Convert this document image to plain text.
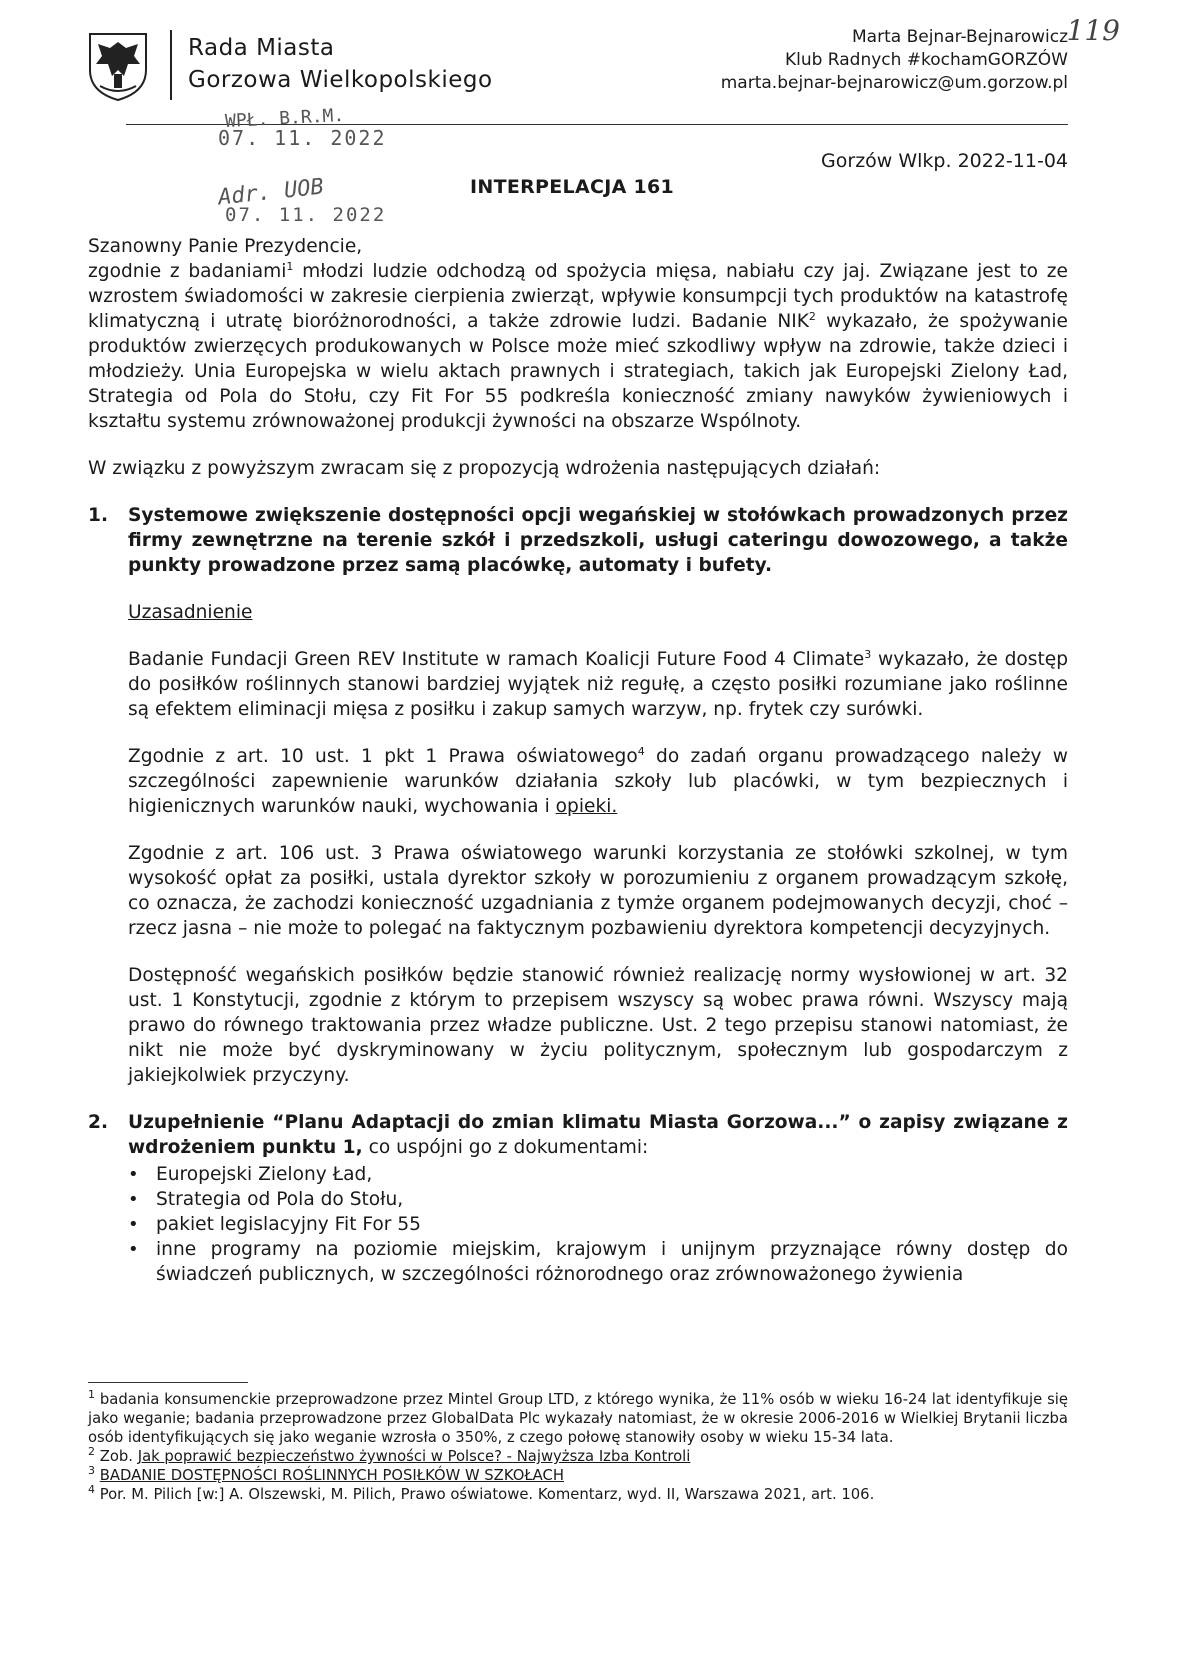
Rada Miasta
Gorzowa Wielkopolskiego
Marta Bejnar-Bejnarowicz
Klub Radnych #kochamGORZÓW
marta.bejnar-bejnarowicz@um.gorzow.pl
119
WPŁ. B.R.M.
07. 11. 2022
Adr. UOB
07. 11. 2022
Gorzów Wlkp. 2022-11-04
INTERPELACJA 161

Szanowny Panie Prezydencie,

zgodnie z badaniami$^1$ młodzi ludzie odchodzą od spożycia mięsa, nabiału czy jaj. Związane jest to ze wzrostem świadomości w zakresie cierpienia zwierząt, wpływie konsumpcji tych produktów na katastrofę klimatyczną i utratę bioróżnorodności, a także zdrowie ludzi. Badanie NIK$^2$ wykazało, że spożywanie produktów zwierzęcych produkowanych w Polsce może mieć szkodliwy wpływ na zdrowie, także dzieci i młodzieży. Unia Europejska w wielu aktach prawnych i strategiach, takich jak Europejski Zielony Ład, Strategia od Pola do Stołu, czy Fit For 55 podkreśla konieczność zmiany nawyków żywieniowych i kształtu systemu zrównoważonej produkcji żywności na obszarze Wspólnoty.

W związku z powyższym zwracam się z propozycją wdrożenia następujących działań:

1.	Systemowe zwiększenie dostępności opcji wegańskiej w stołówkach prowadzonych przez firmy zewnętrzne na terenie szkół i przedszkoli, usługi cateringu dowozowego, a także punkty prowadzone przez samą placówkę, automaty i bufety.

Uzasadnienie

Badanie Fundacji Green REV Institute w ramach Koalicji Future Food 4 Climate$^3$ wykazało, że dostęp do posiłków roślinnych stanowi bardziej wyjątek niż regułę, a często posiłki rozumiane jako roślinne są efektem eliminacji mięsa z posiłku i zakup samych warzyw, np. frytek czy surówki.

Zgodnie z art. 10 ust. 1 pkt 1 Prawa oświatowego$^4$ do zadań organu prowadzącego należy w szczególności zapewnienie warunków działania szkoły lub placówki, w tym bezpiecznych i higienicznych warunków nauki, wychowania i opieki.

Zgodnie z art. 106 ust. 3 Prawa oświatowego warunki korzystania ze stołówki szkolnej, w tym wysokość opłat za posiłki, ustala dyrektor szkoły w porozumieniu z organem prowadzącym szkołę, co oznacza, że zachodzi konieczność uzgadniania z tymże organem podejmowanych decyzji, choć – rzecz jasna – nie może to polegać na faktycznym pozbawieniu dyrektora kompetencji decyzyjnych.

Dostępność wegańskich posiłków będzie stanowić również realizację normy wysłowionej w art. 32 ust. 1 Konstytucji, zgodnie z którym to przepisem wszyscy są wobec prawa równi. Wszyscy mają prawo do równego traktowania przez władze publiczne. Ust. 2 tego przepisu stanowi natomiast, że nikt nie może być dyskryminowany w życiu politycznym, społecznym lub gospodarczym z jakiejkolwiek przyczyny.

2.	Uzupełnienie “Planu Adaptacji do zmian klimatu Miasta Gorzowa...” o zapisy związane z wdrożeniem punktu 1, co uspójni go z dokumentami:
• Europejski Zielony Ład,
• Strategia od Pola do Stołu,
• pakiet legislacyjny Fit For 55
• inne programy na poziomie miejskim, krajowym i unijnym przyznające równy dostęp do świadczeń publicznych, w szczególności różnorodnego oraz zrównoważonego żywienia

$^1$ badania konsumenckie przeprowadzone przez Mintel Group LTD, z którego wynika, że 11% osób w wieku 16-24 lat identyfikuje się jako weganie; badania przeprowadzone przez GlobalData Plc wykazały natomiast, że w okresie 2006-2016 w Wielkiej Brytanii liczba osób identyfikujących się jako weganie wzrosła o 350%, z czego połowę stanowiły osoby w wieku 15-34 lata.

$^2$ Zob. Jak poprawić bezpieczeństwo żywności w Polsce? - Najwyższa Izba Kontroli

$^3$ BADANIE DOSTĘPNOŚCI ROŚLINNYCH POSIŁKÓW W SZKOŁACH

$^4$ Por. M. Pilich [w:] A. Olszewski, M. Pilich, Prawo oświatowe. Komentarz, wyd. II, Warszawa 2021, art. 106.
